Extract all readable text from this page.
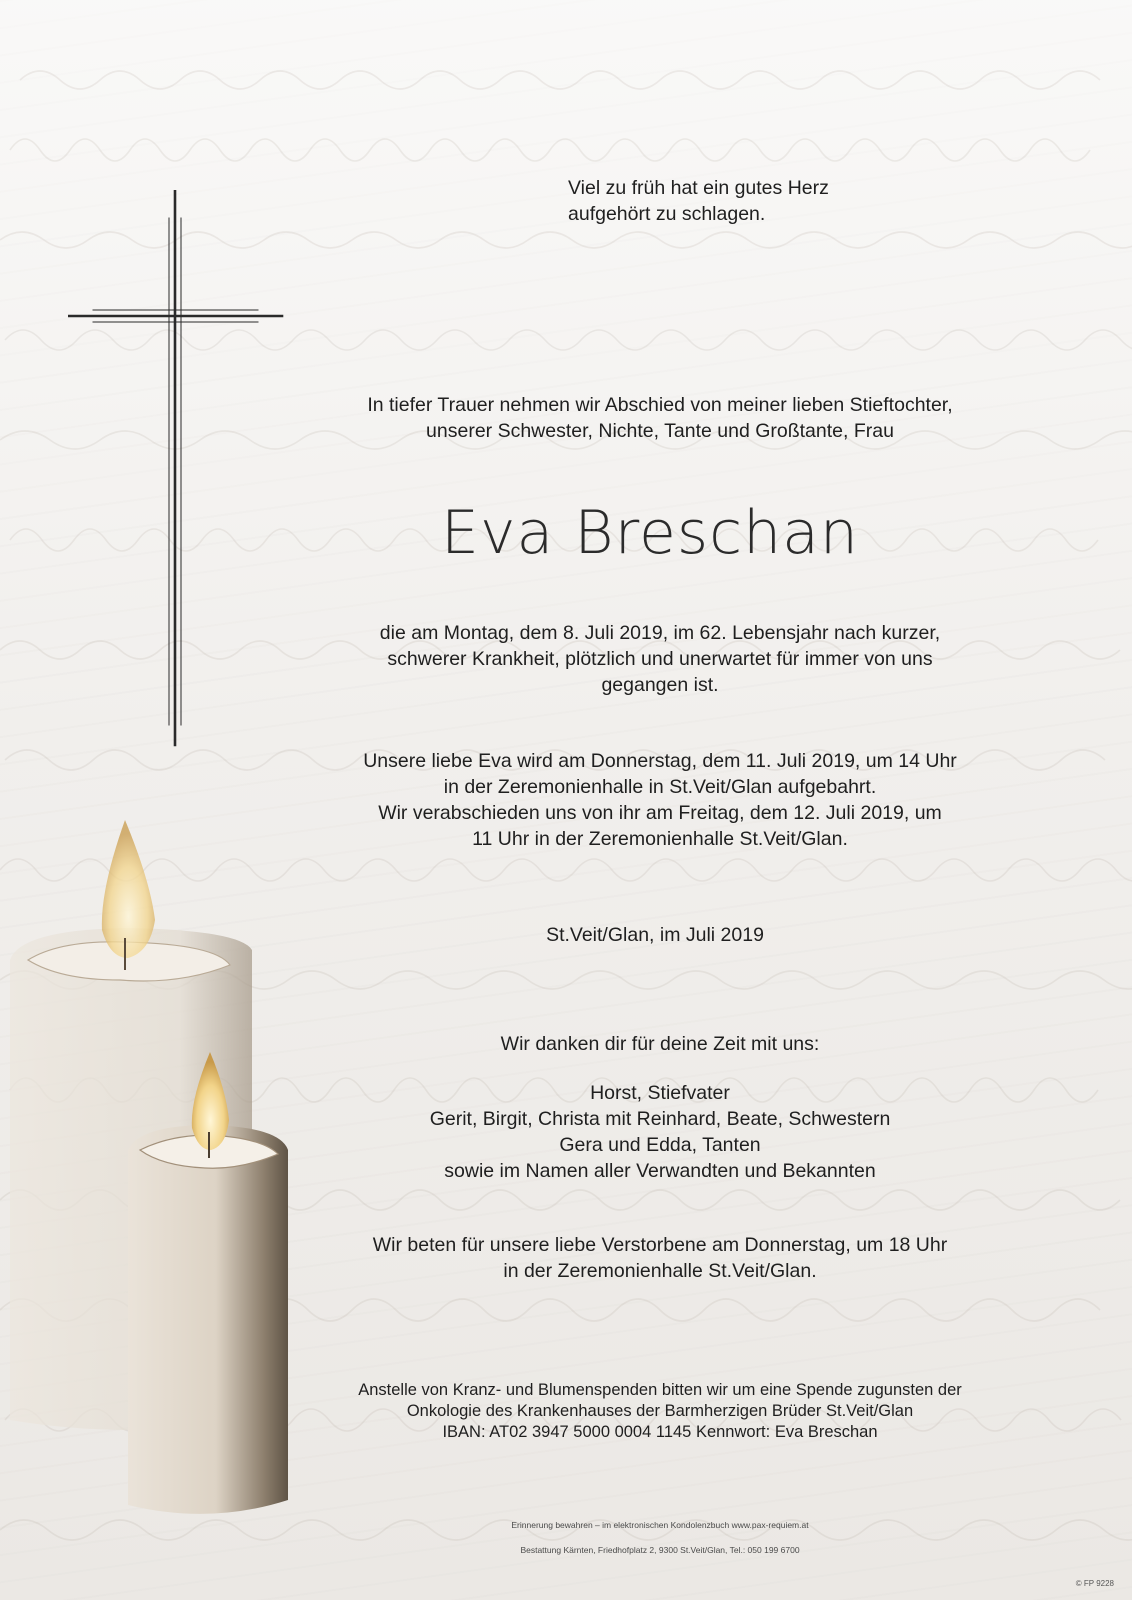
Viel zu früh hat ein gutes Herz
aufgehört zu schlagen.
In tiefer Trauer nehmen wir Abschied von meiner lieben Stieftochter,
unserer Schwester, Nichte, Tante und Großtante, Frau
Eva Breschan
die am Montag, dem 8. Juli 2019, im 62. Lebensjahr nach kurzer,
schwerer Krankheit, plötzlich und unerwartet für immer von uns
gegangen ist.
Unsere liebe Eva wird am Donnerstag, dem 11. Juli 2019, um 14 Uhr
in der Zeremonienhalle in St.Veit/Glan aufgebahrt.
Wir verabschieden uns von ihr am Freitag, dem 12. Juli 2019, um
11 Uhr in der Zeremonienhalle St.Veit/Glan.
St.Veit/Glan, im Juli 2019
Wir danken dir für deine Zeit mit uns:
Horst, Stiefvater
Gerit, Birgit, Christa mit Reinhard, Beate, Schwestern
Gera und Edda, Tanten
sowie im Namen aller Verwandten und Bekannten
Wir beten für unsere liebe Verstorbene am Donnerstag, um 18 Uhr
in der Zeremonienhalle St.Veit/Glan.
Anstelle von Kranz- und Blumenspenden bitten wir um eine Spende zugunsten der
Onkologie des Krankenhauses der Barmherzigen Brüder St.Veit/Glan
IBAN: AT02 3947 5000 0004 1145 Kennwort: Eva Breschan
Erinnerung bewahren – im elektronischen Kondolenzbuch www.pax-requiem.at
Bestattung Kärnten, Friedhofplatz 2, 9300 St.Veit/Glan, Tel.: 050 199 6700
© FP 9228
